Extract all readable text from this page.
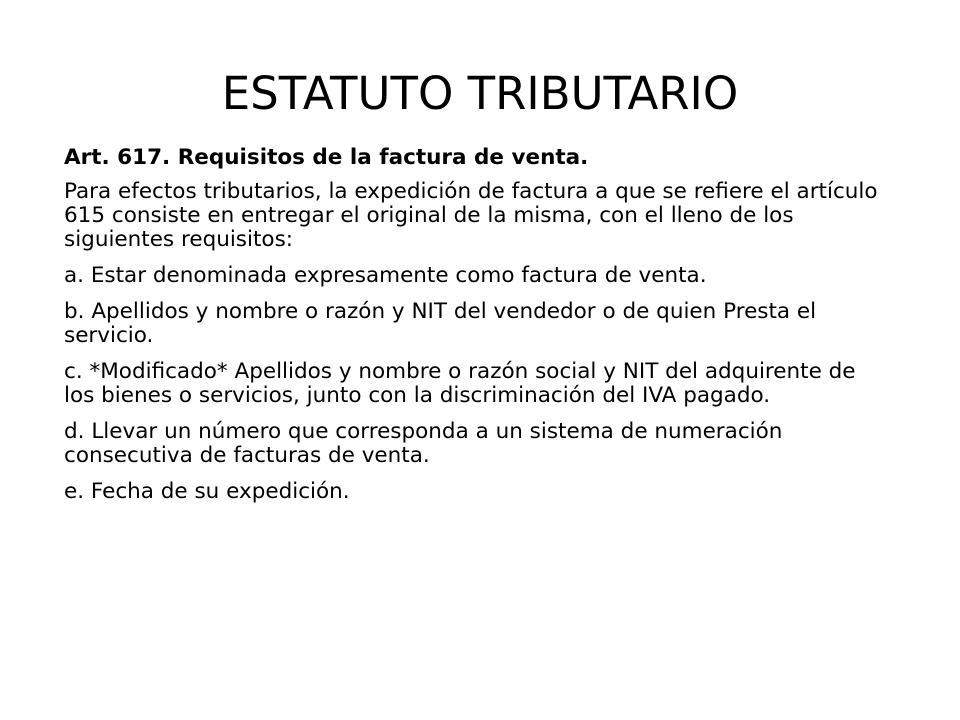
ESTATUTO TRIBUTARIO

Art. 617. Requisitos de la factura de venta.

Para efectos tributarios, la expedición de factura a que se refiere el artículo 615 consiste en entregar el original de la misma, con el lleno de los siguientes requisitos:

a. Estar denominada expresamente como factura de venta.

b. Apellidos y nombre o razón y NIT del vendedor o de quien Presta el servicio.

c. *Modificado* Apellidos y nombre o razón social y NIT del adquirente de los bienes o servicios, junto con la discriminación del IVA pagado.

d. Llevar un número que corresponda a un sistema de numeración consecutiva de facturas de venta.

e. Fecha de su expedición.
